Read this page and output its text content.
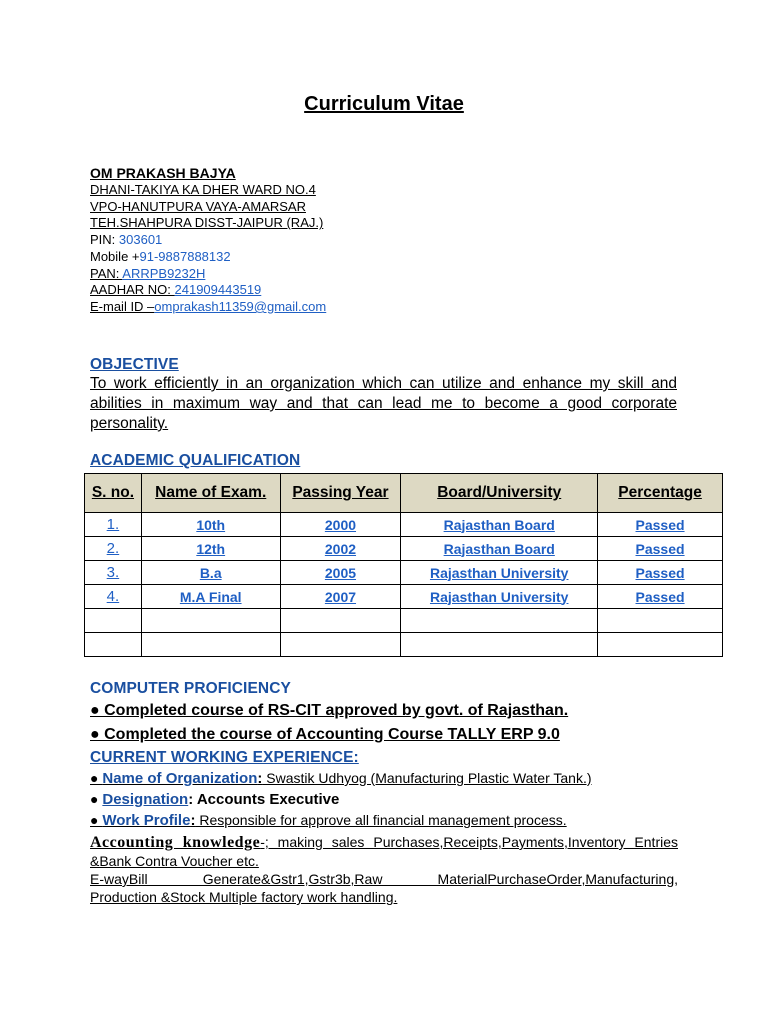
Curriculum Vitae
OM PRAKASH BAJYA
DHANI-TAKIYA KA DHER WARD NO.4
VPO-HANUTPURA VAYA-AMARSAR
TEH.SHAHPURA DISST-JAIPUR (RAJ.)
PIN: 303601
Mobile +91-9887888132
PAN: ARRPB9232H
AADHAR NO: 241909443519
E-mail ID –omprakash11359@gmail.com
OBJECTIVE
To work efficiently in an organization which can utilize and enhance my skill and abilities in maximum way and that can lead me to become a good corporate personality.
ACADEMIC QUALIFICATION
S. no.	Name of Exam.	Passing Year	Board/University	Percentage
1.	10th	2000	Rajasthan Board	Passed
2.	12th	2002	Rajasthan Board	Passed
3.	B.a	2005	Rajasthan University	Passed
4.	M.A Final	2007	Rajasthan University	Passed

COMPUTER PROFICIENCY
● Completed course of RS-CIT approved by govt. of Rajasthan.
● Completed the course of Accounting Course TALLY ERP 9.0
CURRENT WORKING EXPERIENCE:
● Name of Organization: Swastik Udhyog (Manufacturing Plastic Water Tank.)
● Designation: Accounts Executive
● Work Profile: Responsible for approve all financial management process.
Accounting knowledge-; making sales Purchases,Receipts,Payments,Inventory Entries &Bank Contra Voucher etc.
E-wayBill Generate&Gstr1,Gstr3b,Raw MaterialPurchaseOrder,Manufacturing,
Production &Stock Multiple factory work handling.
